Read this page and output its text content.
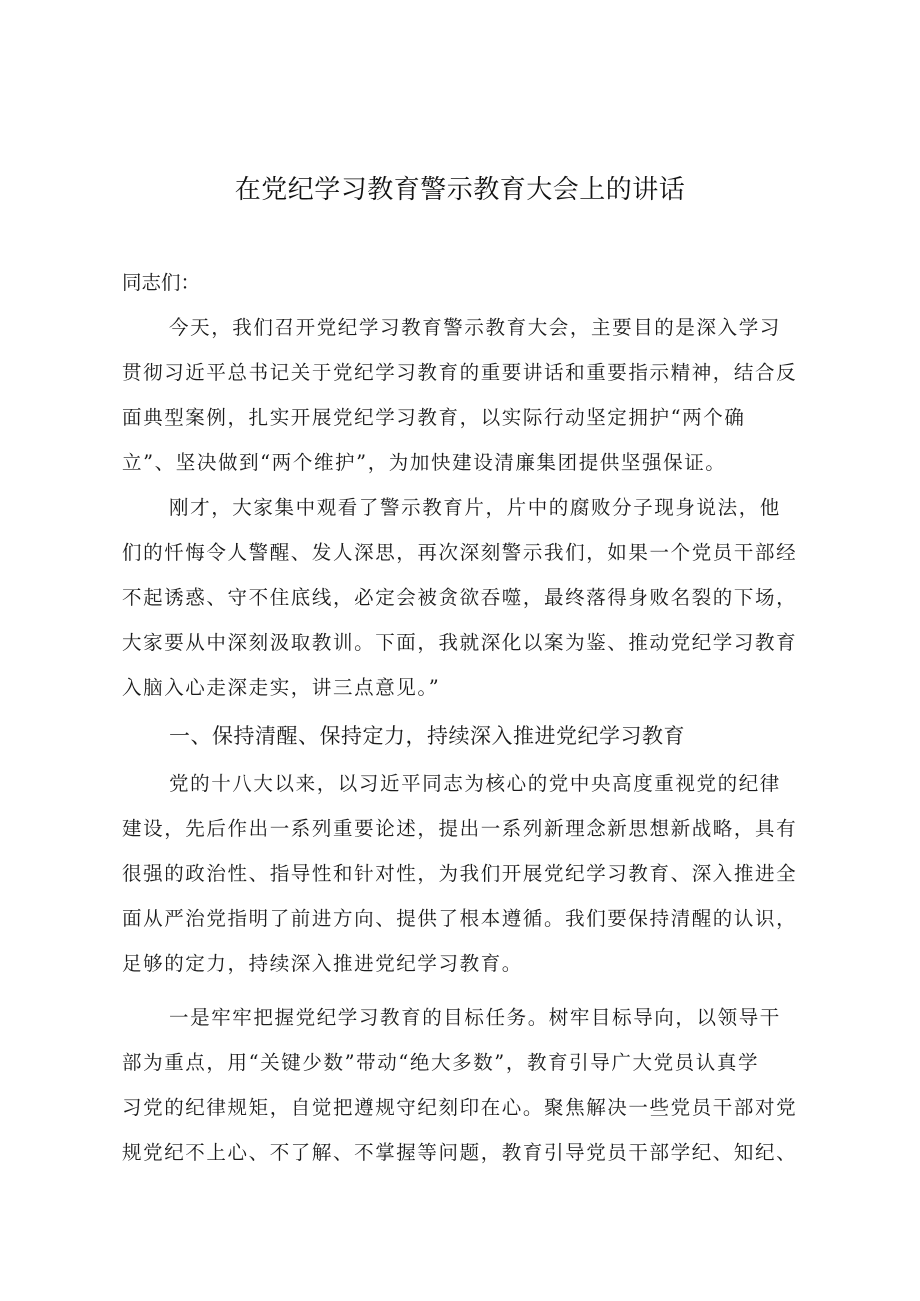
在党纪学习教育警示教育大会上的讲话
同志们：
今天，我们召开党纪学习教育警示教育大会，主要目的是深入学习
贯彻习近平总书记关于党纪学习教育的重要讲话和重要指示精神，结合反
面典型案例，扎实开展党纪学习教育，以实际行动坚定拥护“两个确
立”、坚决做到“两个维护”，为加快建设清廉集团提供坚强保证。
刚才，大家集中观看了警示教育片，片中的腐败分子现身说法，他
们的忏悔令人警醒、发人深思，再次深刻警示我们，如果一个党员干部经
不起诱惑、守不住底线，必定会被贪欲吞噬，最终落得身败名裂的下场，
大家要从中深刻汲取教训。下面，我就深化以案为鉴、推动党纪学习教育
入脑入心走深走实，讲三点意见。”
一、保持清醒、保持定力，持续深入推进党纪学习教育
党的十八大以来，以习近平同志为核心的党中央高度重视党的纪律
建设，先后作出一系列重要论述，提出一系列新理念新思想新战略，具有
很强的政治性、指导性和针对性，为我们开展党纪学习教育、深入推进全
面从严治党指明了前进方向、提供了根本遵循。我们要保持清醒的认识，
足够的定力，持续深入推进党纪学习教育。
一是牢牢把握党纪学习教育的目标任务。树牢目标导向，以领导干
部为重点，用“关键少数”带动“绝大多数”，教育引导广大党员认真学
习党的纪律规矩，自觉把遵规守纪刻印在心。聚焦解决一些党员干部对党
规党纪不上心、不了解、不掌握等问题，教育引导党员干部学纪、知纪、
